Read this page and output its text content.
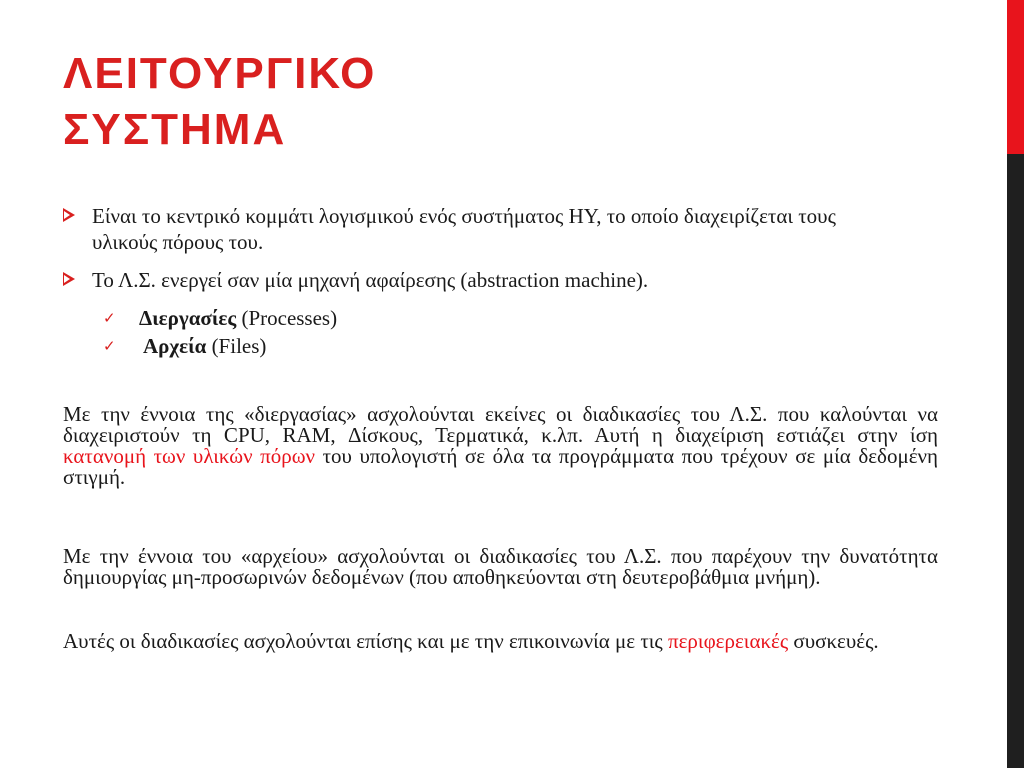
ΛΕΙΤΟΥΡΓΙΚΟ
ΣΥΣΤΗΜΑ
Είναι το κεντρικό κομμάτι λογισμικού ενός συστήματος ΗΥ, το οποίο διαχειρίζεται τους υλικούς πόρους του.
Το Λ.Σ. ενεργεί σαν μία μηχανή αφαίρεσης (abstraction machine).
✓ Διεργασίες (Processes)
✓ Αρχεία (Files)

Με την έννοια της «διεργασίας» ασχολούνται εκείνες οι διαδικασίες του Λ.Σ. που καλούνται να διαχειριστούν τη CPU, RAM, Δίσκους, Τερματικά, κ.λπ. Αυτή η διαχείριση εστιάζει στην ίση κατανομή των υλικών πόρων του υπολογιστή σε όλα τα προγράμματα που τρέχουν σε μία δεδομένη στιγμή.

Με την έννοια του «αρχείου» ασχολούνται οι διαδικασίες του Λ.Σ. που παρέχουν την δυνατότητα δημιουργίας μη-προσωρινών δεδομένων (που αποθηκεύονται στη δευτεροβάθμια μνήμη).

Αυτές οι διαδικασίες ασχολούνται επίσης και με την επικοινωνία με τις περιφερειακές συσκευές.
